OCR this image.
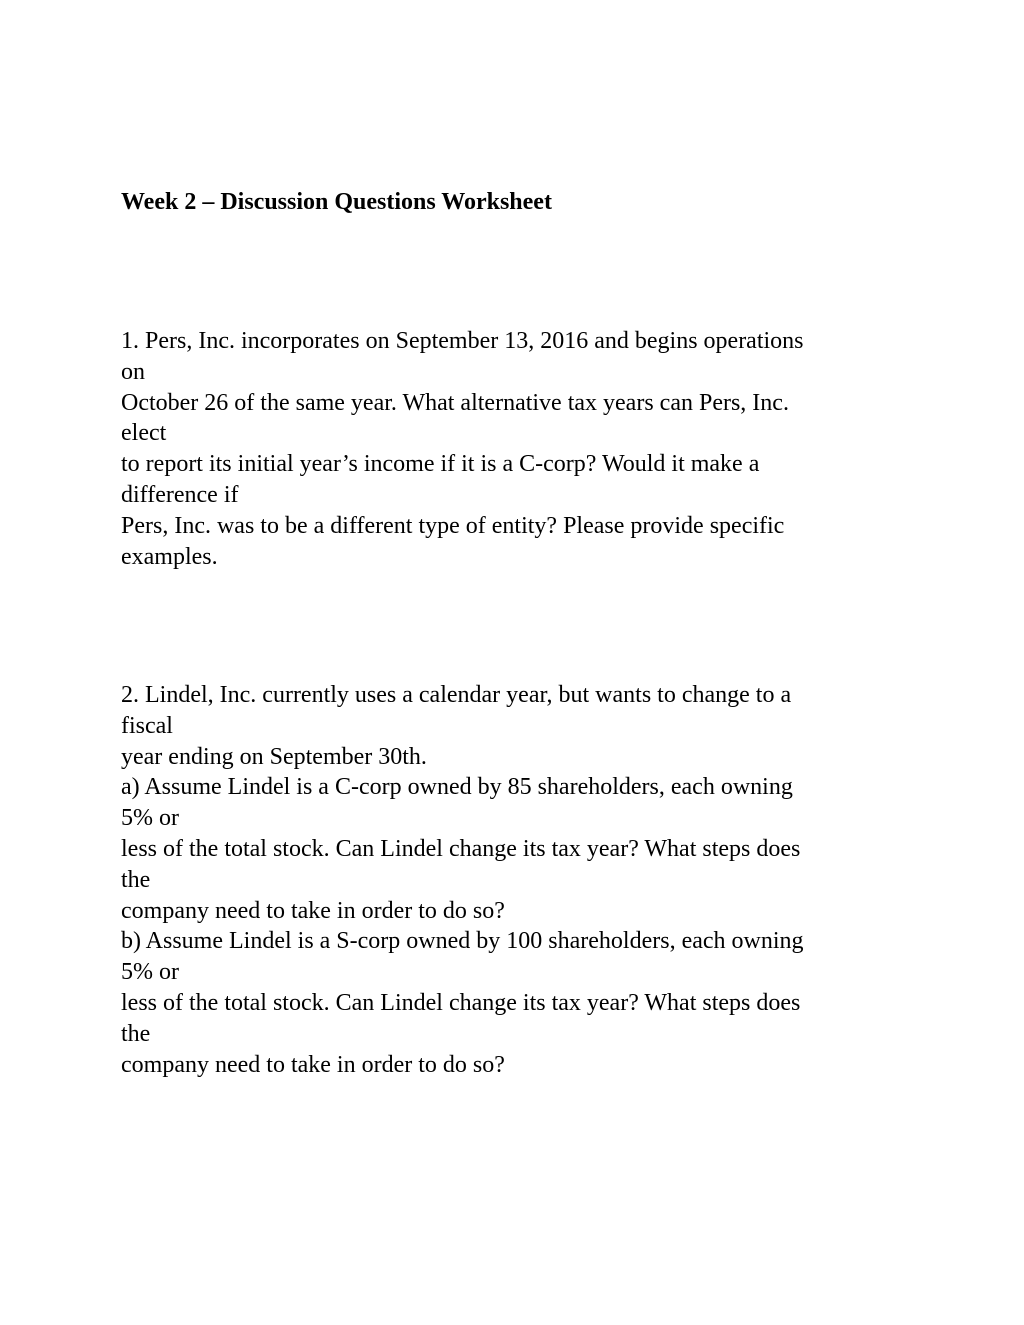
Week 2 – Discussion Questions Worksheet
1. Pers, Inc. incorporates on September 13, 2016 and begins operations
on
October 26 of the same year. What alternative tax years can Pers, Inc.
elect
to report its initial year’s income if it is a C-corp? Would it make a
difference if
Pers, Inc. was to be a different type of entity? Please provide specific
examples.
2. Lindel, Inc. currently uses a calendar year, but wants to change to a
fiscal
year ending on September 30th.
a) Assume Lindel is a C-corp owned by 85 shareholders, each owning
5% or
less of the total stock. Can Lindel change its tax year? What steps does
the
company need to take in order to do so?
b) Assume Lindel is a S-corp owned by 100 shareholders, each owning
5% or
less of the total stock. Can Lindel change its tax year? What steps does
the
company need to take in order to do so?
